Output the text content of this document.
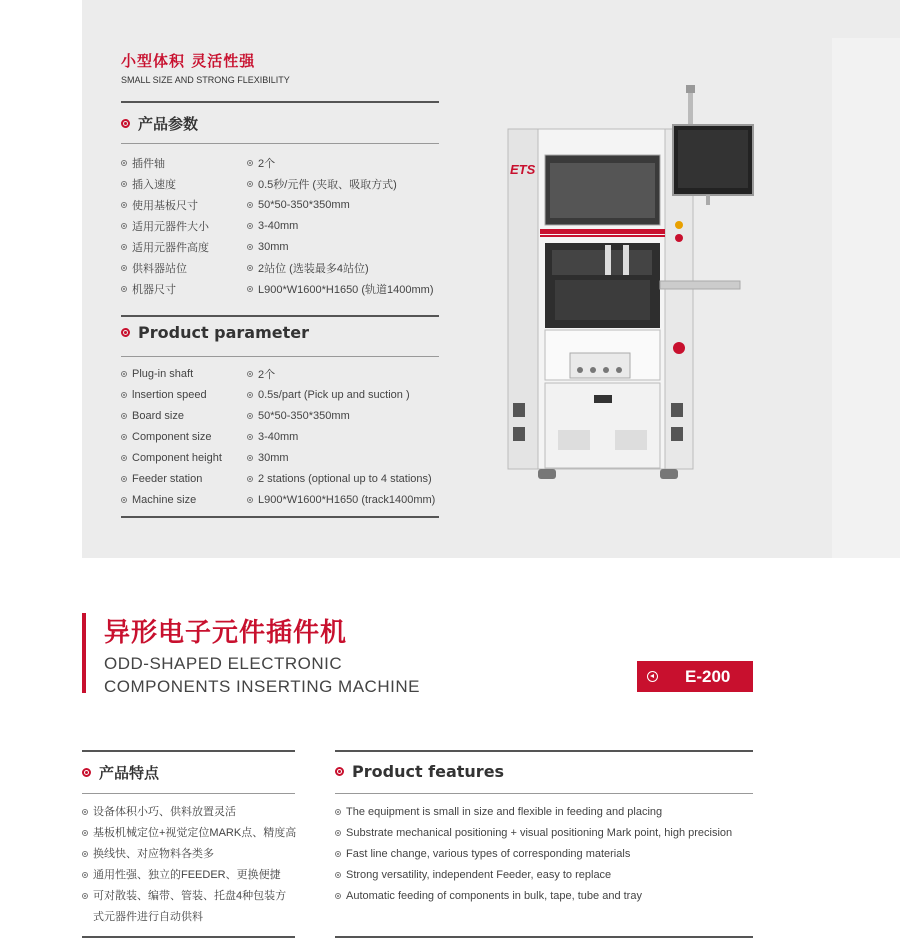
小型体积 灵活性强
SMALL SIZE AND STRONG FLEXIBILITY
产品参数
插件轴	2个
插入速度	0.5秒/元件 (夹取、吸取方式)
使用基板尺寸	50*50-350*350mm
适用元器件大小	3-40mm
适用元器件高度	30mm
供料器站位	2站位 (选装最多4站位)
机器尺寸	L900*W1600*H1650 (轨道1400mm)
Product parameter
Plug-in shaft	2个
lnsertion speed	0.5s/part (Pick up and suction )
Board size	50*50-350*350mm
Component size	3-40mm
Component height	30mm
Feeder station	2 stations (optional up to 4 stations)
Machine size	L900*W1600*H1650 (track1400mm)
ETS
异形电子元件插件机
ODD-SHAPED ELECTRONIC
COMPONENTS INSERTING MACHINE
E-200
产品特点
设备体积小巧、供料放置灵活
基板机械定位+视觉定位MARK点、精度高
换线快、对应物料各类多
通用性强、独立的FEEDER、更换便捷
可对散装、编带、管装、托盘4种包装方式元器件进行自动供料
Product features
The equipment is small in size and flexible in feeding and placing
Substrate mechanical positioning + visual positioning Mark point, high precision
Fast line change, various types of corresponding materials
Strong versatility, independent Feeder, easy to replace
Automatic feeding of components in bulk, tape, tube and tray
